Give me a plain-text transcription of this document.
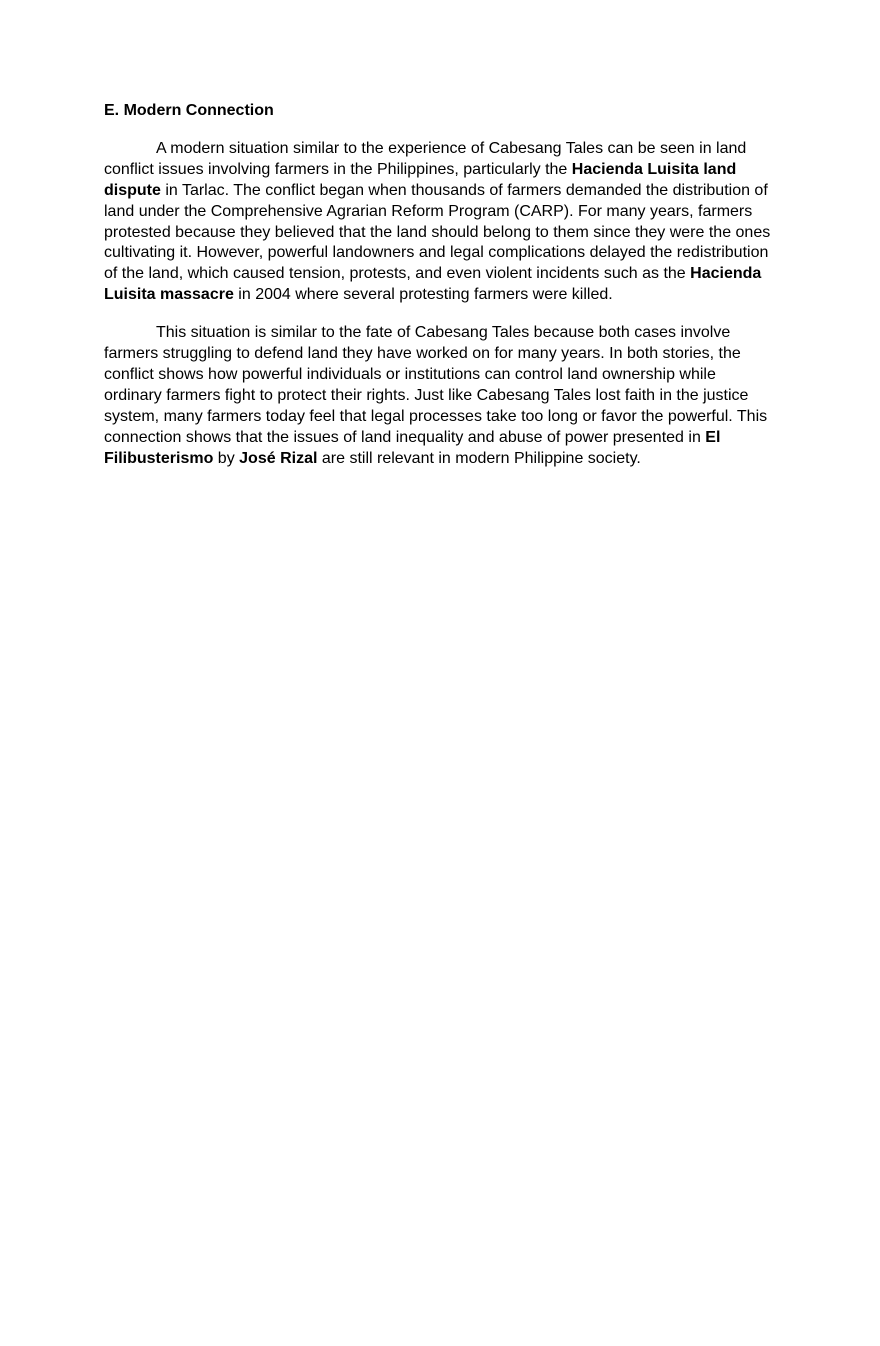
E. Modern Connection

A modern situation similar to the experience of Cabesang Tales can be seen in land conflict issues involving farmers in the Philippines, particularly the Hacienda Luisita land dispute in Tarlac. The conflict began when thousands of farmers demanded the distribution of land under the Comprehensive Agrarian Reform Program (CARP). For many years, farmers protested because they believed that the land should belong to them since they were the ones cultivating it. However, powerful landowners and legal complications delayed the redistribution of the land, which caused tension, protests, and even violent incidents such as the Hacienda Luisita massacre in 2004 where several protesting farmers were killed.

This situation is similar to the fate of Cabesang Tales because both cases involve farmers struggling to defend land they have worked on for many years. In both stories, the conflict shows how powerful individuals or institutions can control land ownership while ordinary farmers fight to protect their rights. Just like Cabesang Tales lost faith in the justice system, many farmers today feel that legal processes take too long or favor the powerful. This connection shows that the issues of land inequality and abuse of power presented in El Filibusterismo by José Rizal are still relevant in modern Philippine society.
